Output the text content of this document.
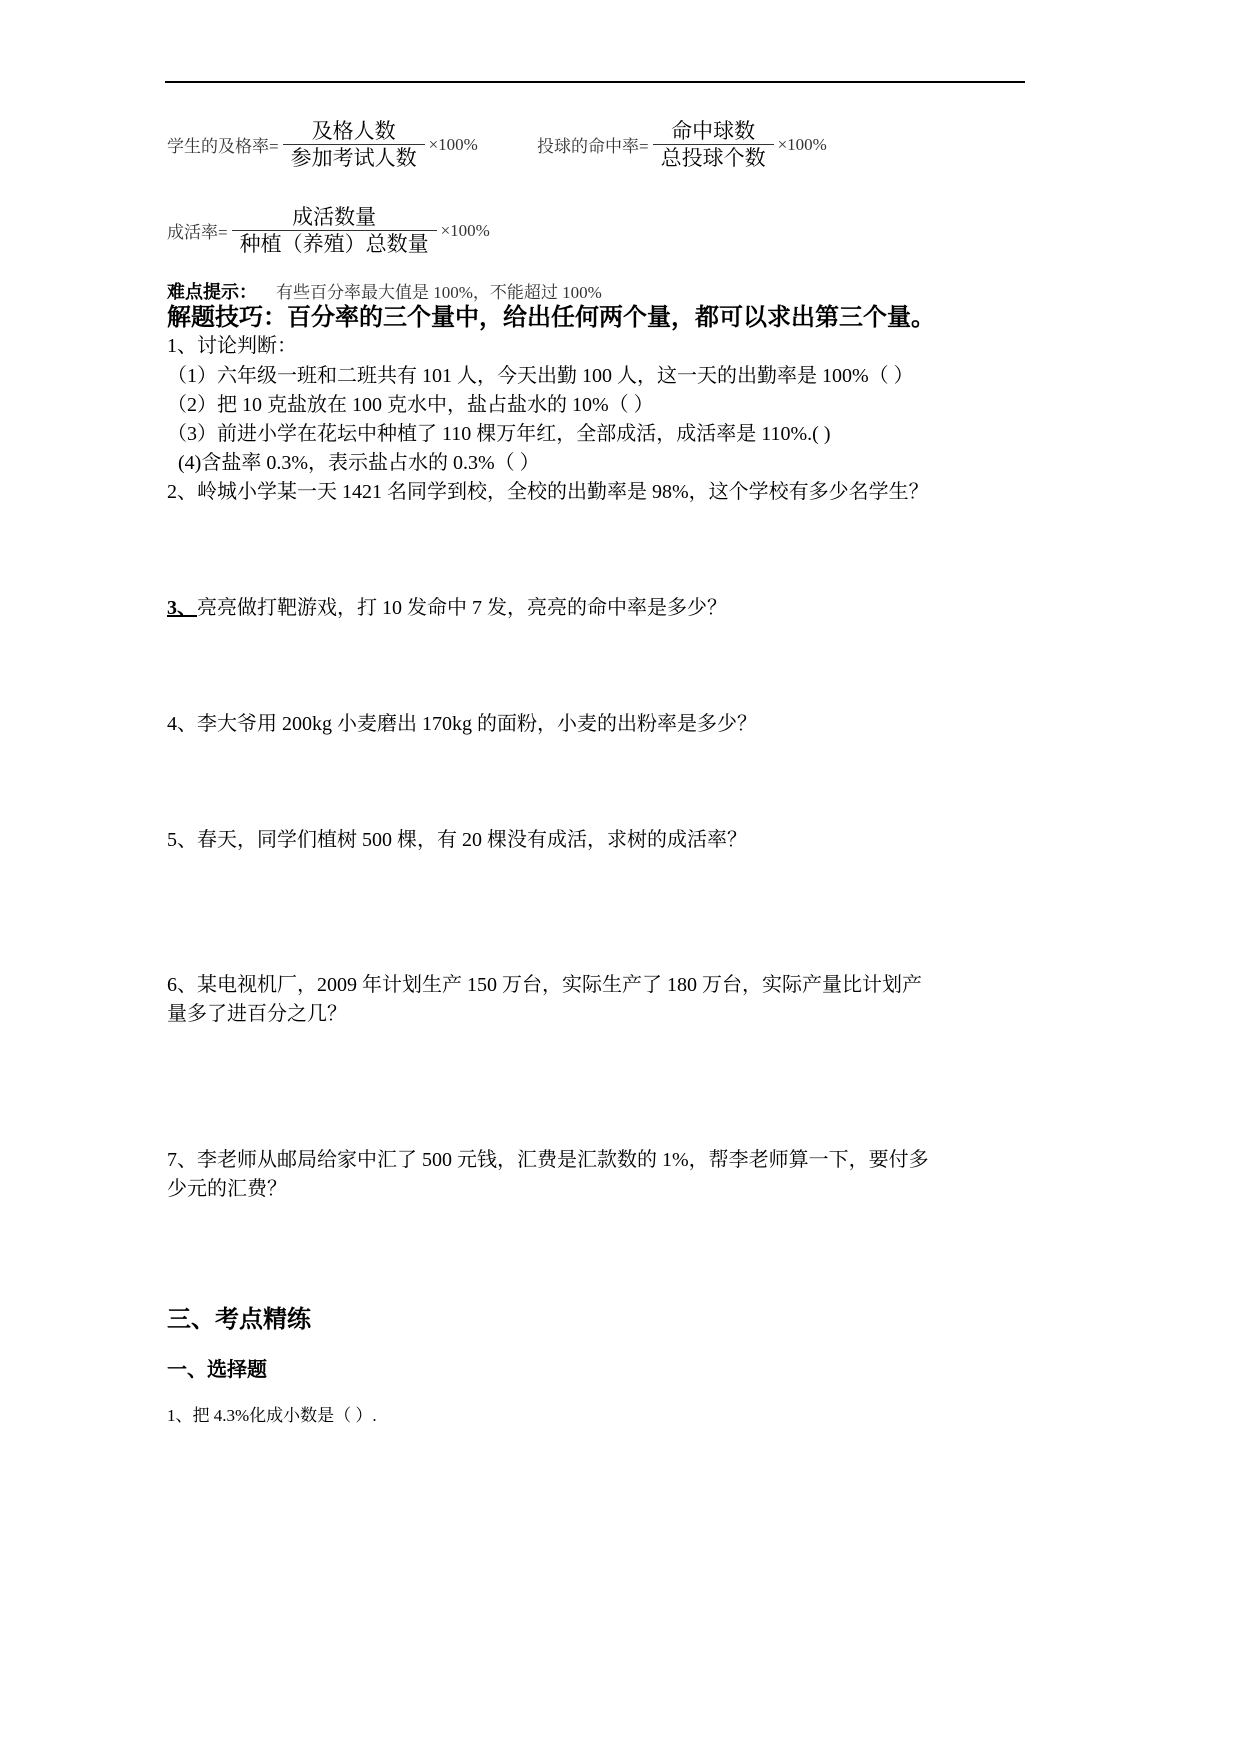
学生的及格率= $\frac{\text{及格人数}}{\text{参加考试人数}} \times 100\%$	投球的命中率= $\frac{\text{命中球数}}{\text{总投球个数}} \times 100\%$
成活率= $\frac{\text{成活数量}}{\text{种植（养殖）总数量}} \times 100\%$
难点提示： 有些百分率最大值是 100%，不能超过 100%
解题技巧：百分率的三个量中，给出任何两个量，都可以求出第三个量。
1、讨论判断：
（1）六年级一班和二班共有 101 人，今天出勤 100 人，这一天的出勤率是 100%（ ）
（2）把 10 克盐放在 100 克水中，盐占盐水的 10%（ ）
（3）前进小学在花坛中种植了 110 棵万年红，全部成活，成活率是 110%.( )
(4)含盐率 0.3%，表示盐占水的 0.3%（ ）
2、岭城小学某一天 1421 名同学到校，全校的出勤率是 98%，这个学校有多少名学生？
3、亮亮做打靶游戏，打 10 发命中 7 发，亮亮的命中率是多少？
4、李大爷用 200kg 小麦磨出 170kg 的面粉，小麦的出粉率是多少？
5、春天，同学们植树 500 棵，有 20 棵没有成活，求树的成活率？
6、某电视机厂，2009 年计划生产 150 万台，实际生产了 180 万台，实际产量比计划产
量多了进百分之几？
7、李老师从邮局给家中汇了 500 元钱，汇费是汇款数的 1%，帮李老师算一下，要付多
少元的汇费？
三、考点精练
一、选择题
1、把 4.3%化成小数是（ ）.
